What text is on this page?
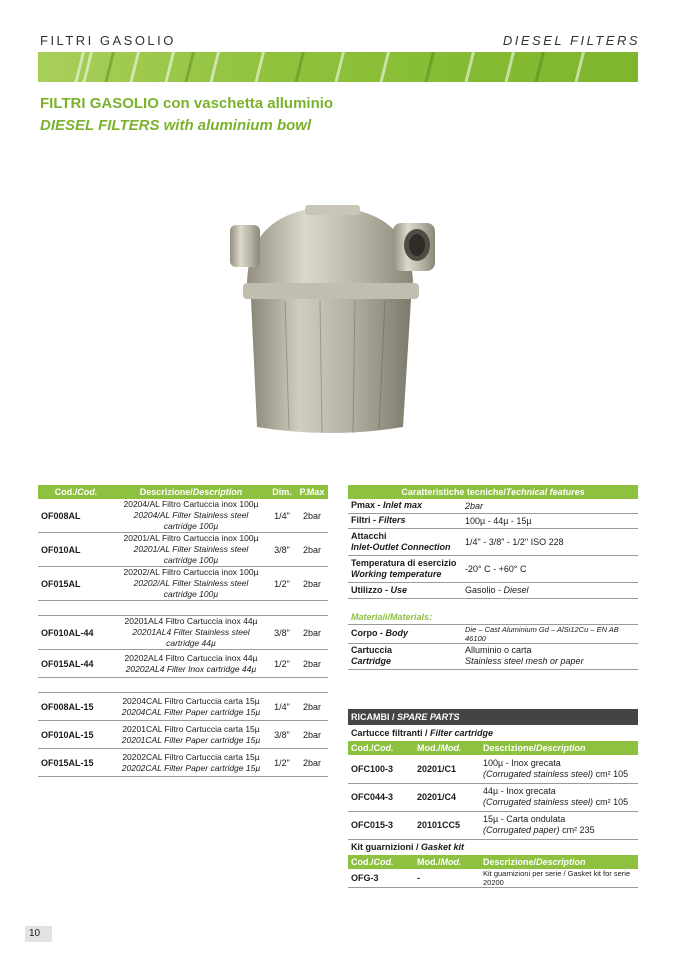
FILTRI GASOLIO	DIESEL FILTERS
FILTRI GASOLIO con vaschetta alluminio
DIESEL FILTERS with aluminium bowl
Cod./Cod.	Descrizione/Description	Dim.	P.Max
OF008AL	20204/AL Filtro Cartuccia inox 100µ
20204/AL Filter Stainless steel cartridge 100µ	1/4"	2bar
OF010AL	20201/AL Filtro Cartuccia inox 100µ
20201/AL Filter Stainless steel cartridge 100µ	3/8"	2bar
OF015AL	20202/AL Filtro Cartuccia inox 100µ
20202/AL Filter Stainless steel cartridge 100µ	1/2"	2bar

OF010AL-44	20201AL4 Filtro Cartuccia inox 44µ
20201AL4 Filter Stainless steel cartridge 44µ	3/8"	2bar
OF015AL-44	20202AL4 Filtro Cartuccia inox 44µ
20202AL4 Filter Inox cartridge 44µ	1/2"	2bar

OF008AL-15	20204CAL Filtro Cartuccia carta 15µ
20204CAL Filter Paper cartridge 15µ	1/4"	2bar
OF010AL-15	20201CAL Filtro Cartuccia carta 15µ
20201CAL Filter Paper cartridge 15µ	3/8"	2bar
OF015AL-15	20202CAL Filtro Cartuccia carta 15µ
20202CAL Filter Paper cartridge 15µ	1/2"	2bar
Caratteristiche tecniche/Technical features	
Pmax - Inlet max	2bar
Filtri - Filters	100µ - 44µ - 15µ

Attacchi
Inlet-Outlet Connection	1/4" - 3/8" - 1/2" ISO 228

Temperatura di esercizio
Working temperature	-20° C - +60° C
Utilizzo - Use	Gasolio - Diesel
Materiali/Materials:	
Corpo - Body	Die – Cast Aluminium Gd – AlSi12Cu – EN AB 46100

Cartuccia
Cartridge	Alluminio o carta
Stainless steel mesh or paper
RICAMBI / SPARE PARTS		
Cartucce filtranti / Filter cartridge		
Cod./Cod.	Mod./Mod.	Descrizione/Description
OFC100-3	20201/C1	100µ - Inox grecata
(Corrugated stainless steel) cm² 105

OFC044-3	20201/C4	44µ - Inox grecata
(Corrugated stainless steel) cm² 105

OFC015-3	20101CC5	15µ - Carta ondulata
(Corrugated paper) cm² 235

Kit guarnizioni / Gasket kit		
Cod./Cod.	Mod./Mod.	Descrizione/Description
OFG-3	-	Kit guarnizioni per serie / Gasket kit for serie 20200
10
